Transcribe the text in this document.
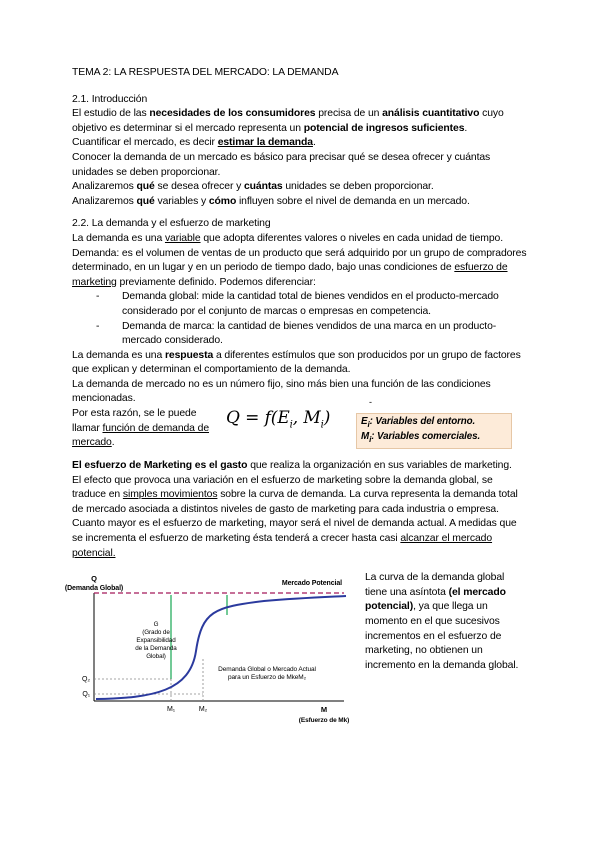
TEMA 2: LA RESPUESTA DEL MERCADO: LA DEMANDA

2.1. Introducción

El estudio de las necesidades de los consumidores precisa de un análisis cuantitativo cuyo objetivo es determinar si el mercado representa un potencial de ingresos suficientes.

Cuantificar el mercado, es decir estimar la demanda.

Conocer la demanda de un mercado es básico para precisar qué se desea ofrecer y cuántas unidades se deben proporcionar.

Analizaremos qué se desea ofrecer y cuántas unidades se deben proporcionar.

Analizaremos qué variables y cómo influyen sobre el nivel de demanda en un mercado.

2.2. La demanda y el esfuerzo de marketing

La demanda es una variable que adopta diferentes valores o niveles en cada unidad de tiempo.

Demanda: es el volumen de ventas de un producto que será adquirido por un grupo de compradores determinado, en un lugar y en un periodo de tiempo dado, bajo unas condiciones de esfuerzo de marketing previamente definido. Podemos diferenciar:

- Demanda global: mide la cantidad total de bienes vendidos en el producto-mercado considerado por el conjunto de marcas o empresas en competencia.
- Demanda de marca: la cantidad de bienes vendidos de una marca en un producto-mercado considerado.

La demanda es una respuesta a diferentes estímulos que son producidos por un grupo de factores que explican y determinan el comportamiento de la demanda.

La demanda de mercado no es un número fijo, sino más bien una función de las condiciones mencionadas.	-

Por esta razón, se le puede llamar función de demanda de mercado.

$Q = f(E_i$, $M_i$)	$E_i$: Variables del entorno.
$M_i$: Variables comerciales.

El esfuerzo de Marketing es el gasto que realiza la organización en sus variables de marketing.

El efecto que provoca una variación en el esfuerzo de marketing sobre la demanda global, se traduce en simples movimientos sobre la curva de demanda. La curva representa la demanda total de mercado asociada a distintos niveles de gasto de marketing para cada industria o empresa.

Cuanto mayor es el esfuerzo de marketing, mayor será el nivel de demanda actual. A medidas que se incrementa el esfuerzo de marketing ésta tenderá a crecer hasta casi alcanzar el mercado potencial.

Q
(Demanda Global)
Mercado Potencial
G
(Grado de
Expansibilidad
de la Demanda
Global)
Demanda Global o Mercado Actual
para un Esfuerzo de MkeM₂
M₁	M₂
Q₂
Q₁
M
(Esfuerzo de Mk)

La curva de la demanda global tiene una asíntota (el mercado potencial), ya que llega un momento en el que sucesivos incrementos en el esfuerzo de marketing, no obtienen un incremento en la demanda global.
